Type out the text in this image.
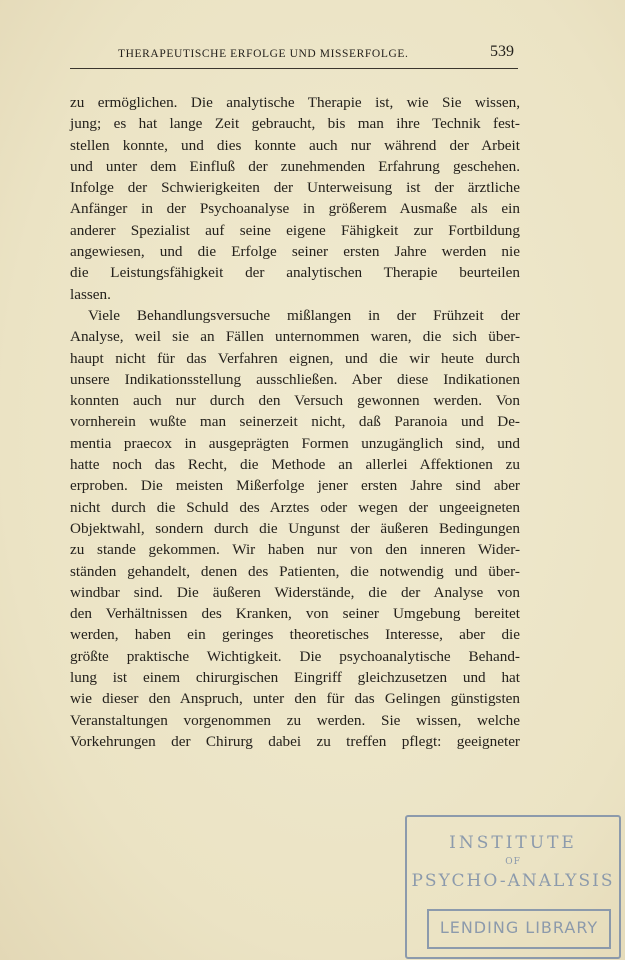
THERAPEUTISCHE ERFOLGE UND MISSERFOLGE.	539
zu ermöglichen. Die analytische Therapie ist, wie Sie wissen,
jung; es hat lange Zeit gebraucht, bis man ihre Technik fest-
stellen konnte, und dies konnte auch nur während der Arbeit
und unter dem Einfluß der zunehmenden Erfahrung geschehen.
Infolge der Schwierigkeiten der Unterweisung ist der ärztliche
Anfänger in der Psychoanalyse in größerem Ausmaße als ein
anderer Spezialist auf seine eigene Fähigkeit zur Fortbildung
angewiesen, und die Erfolge seiner ersten Jahre werden nie
die Leistungsfähigkeit der analytischen Therapie beurteilen
lassen.
Viele Behandlungsversuche mißlangen in der Frühzeit der
Analyse, weil sie an Fällen unternommen waren, die sich über-
haupt nicht für das Verfahren eignen, und die wir heute durch
unsere Indikationsstellung ausschließen. Aber diese Indikationen
konnten auch nur durch den Versuch gewonnen werden. Von
vornherein wußte man seinerzeit nicht, daß Paranoia und De-
mentia praecox in ausgeprägten Formen unzugänglich sind, und
hatte noch das Recht, die Methode an allerlei Affektionen zu
erproben. Die meisten Mißerfolge jener ersten Jahre sind aber
nicht durch die Schuld des Arztes oder wegen der ungeeigneten
Objektwahl, sondern durch die Ungunst der äußeren Bedingungen
zu stande gekommen. Wir haben nur von den inneren Wider-
ständen gehandelt, denen des Patienten, die notwendig und über-
windbar sind. Die äußeren Widerstände, die der Analyse von
den Verhältnissen des Kranken, von seiner Umgebung bereitet
werden, haben ein geringes theoretisches Interesse, aber die
größte praktische Wichtigkeit. Die psychoanalytische Behand-
lung ist einem chirurgischen Eingriff gleichzusetzen und hat
wie dieser den Anspruch, unter den für das Gelingen günstigsten
Veranstaltungen vorgenommen zu werden. Sie wissen, welche
Vorkehrungen der Chirurg dabei zu treffen pflegt: geeigneter
INSTITUTE
OF
PSYCHO-ANALYSIS
LENDING LIBRARY
